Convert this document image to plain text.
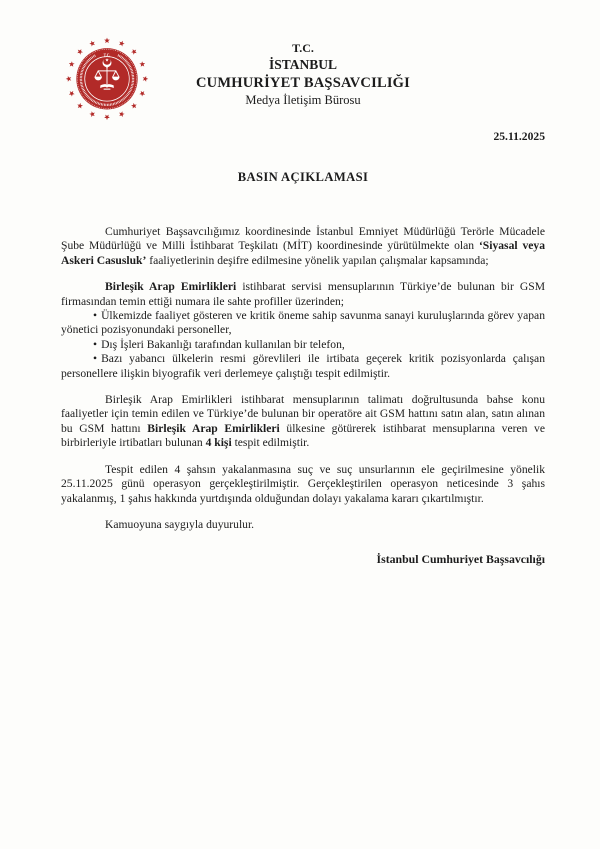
T.C.
T.C.
İSTANBUL
CUMHURİYET BAŞSAVCILIĞI
Medya İletişim Bürosu
25.11.2025
BASIN AÇIKLAMASI

Cumhuriyet Başsavcılığımız koordinesinde İstanbul Emniyet Müdürlüğü Terörle Mücadele Şube Müdürlüğü ve Milli İstihbarat Teşkilatı (MİT) koordinesinde yürütülmekte olan ‘Siyasal veya Askeri Casusluk’ faaliyetlerinin deşifre edilmesine yönelik yapılan çalışmalar kapsamında;

Birleşik Arap Emirlikleri istihbarat servisi mensuplarının Türkiye’de bulunan bir GSM firmasından temin ettiği numara ile sahte profiller üzerinden;

• Ülkemizde faaliyet gösteren ve kritik öneme sahip savunma sanayi kuruluşlarında görev yapan yönetici pozisyonundaki personeller,

• Dış İşleri Bakanlığı tarafından kullanılan bir telefon,

• Bazı yabancı ülkelerin resmi görevlileri ile irtibata geçerek kritik pozisyonlarda çalışan personellere ilişkin biyografik veri derlemeye çalıştığı tespit edilmiştir.

Birleşik Arap Emirlikleri istihbarat mensuplarının talimatı doğrultusunda bahse konu faaliyetler için temin edilen ve Türkiye’de bulunan bir operatöre ait GSM hattını satın alan, satın alınan bu GSM hattını Birleşik Arap Emirlikleri ülkesine götürerek istihbarat mensuplarına veren ve birbirleriyle irtibatları bulunan 4 kişi tespit edilmiştir.

Tespit edilen 4 şahsın yakalanmasına suç ve suç unsurlarının ele geçirilmesine yönelik 25.11.2025 günü operasyon gerçekleştirilmiştir. Gerçekleştirilen operasyon neticesinde 3 şahıs yakalanmış, 1 şahıs hakkında yurtdışında olduğundan dolayı yakalama kararı çıkartılmıştır.

Kamuoyuna saygıyla duyurulur.

İstanbul Cumhuriyet Başsavcılığı
